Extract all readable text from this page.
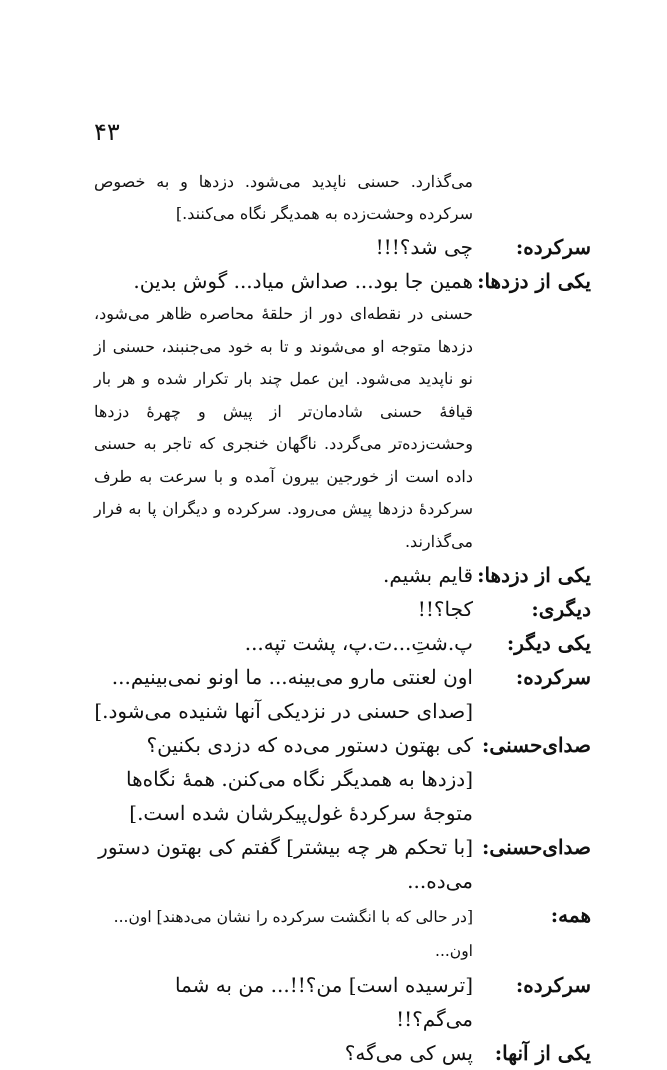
۴۳
می‌گذارد. حسنی ناپدید می‌شود. دزدها و به خصوص سرکرده وحشت‌زده به همدیگر نگاه می‌کنند.]
سرکرده:
چی شد؟!!!
یکی از دزدها:
همین جا بود... صداش میاد... گوش بدین.
حسنی در نقطه‌ای دور از حلقهٔ محاصره ظاهر می‌شود، دزدها متوجه او می‌شوند و تا به خود می‌جنبند، حسنی از نو ناپدید می‌شود. این عمل چند بار تکرار شده و هر بار قیافهٔ حسنی شادمان‌تر از پیش و چهرهٔ دزدها وحشت‌زده‌تر می‌گردد. ناگهان خنجری که تاجر به حسنی داده است از خورجین بیرون آمده و با سرعت به طرف سرکردهٔ دزدها پیش می‌رود. سرکرده و دیگران پا به فرار می‌گذارند.
یکی از دزدها:
قایم بشیم.
دیگری:
کجا؟!!
یکی دیگر:
پ.شتِ...ت.پ، پشت تپه...
سرکرده:
اون لعنتی مارو می‌بینه... ما اونو نمی‌بینیم... [صدای حسنی در نزدیکی آنها شنیده می‌شود.]
صدای‌حسنی:
کی بهتون دستور می‌ده که دزدی بکنین؟ [دزدها به همدیگر نگاه می‌کنن. همهٔ نگاه‌ها متوجهٔ سرکردهٔ غول‌پیکرشان شده است.]
صدای‌حسنی:
[با تحکم هر چه بیشتر] گفتم کی بهتون دستور می‌ده...
همه:
[در حالی که با انگشت سرکرده را نشان می‌دهند] اون... اون...
سرکرده:
[ترسیده است] من؟!!... من به شما می‌گم؟!!
یکی از آنها:
پس کی می‌گه؟
